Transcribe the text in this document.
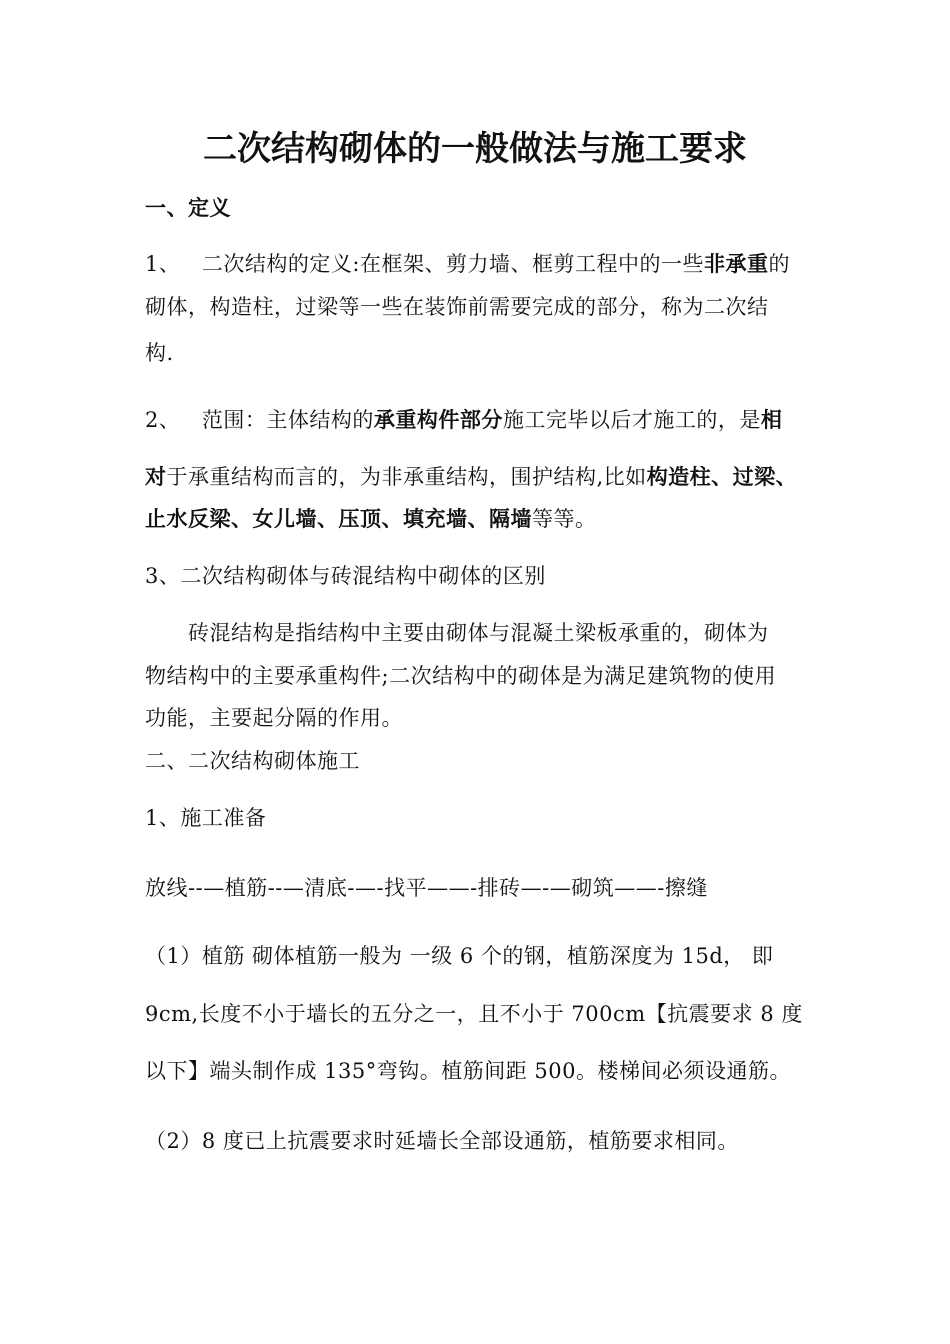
二次结构砌体的一般做法与施工要求
一、定义
1、 二次结构的定义:在框架、剪力墙、框剪工程中的一些非承重的
砌体，构造柱，过梁等一些在装饰前需要完成的部分，称为二次结
构.
2、 范围：主体结构的承重构件部分施工完毕以后才施工的，是相
对于承重结构而言的，为非承重结构，围护结构,比如构造柱、过梁、
止水反梁、女儿墙、压顶、填充墙、隔墙等等。
3、二次结构砌体与砖混结构中砌体的区别
砖混结构是指结构中主要由砌体与混凝土梁板承重的，砌体为
物结构中的主要承重构件;二次结构中的砌体是为满足建筑物的使用
功能，主要起分隔的作用。
二、二次结构砌体施工
1、施工准备
放线--—植筋--—清底-—-找平——-排砖—-—砌筑——-擦缝
（1）植筋 砌体植筋一般为 一级 6 个的钢，植筋深度为 15d， 即
9cm,长度不小于墙长的五分之一，且不小于 700cm【抗震要求 8 度
以下】端头制作成 135°弯钩。植筋间距 500。楼梯间必须设通筋。
（2）8 度已上抗震要求时延墙长全部设通筋，植筋要求相同。
